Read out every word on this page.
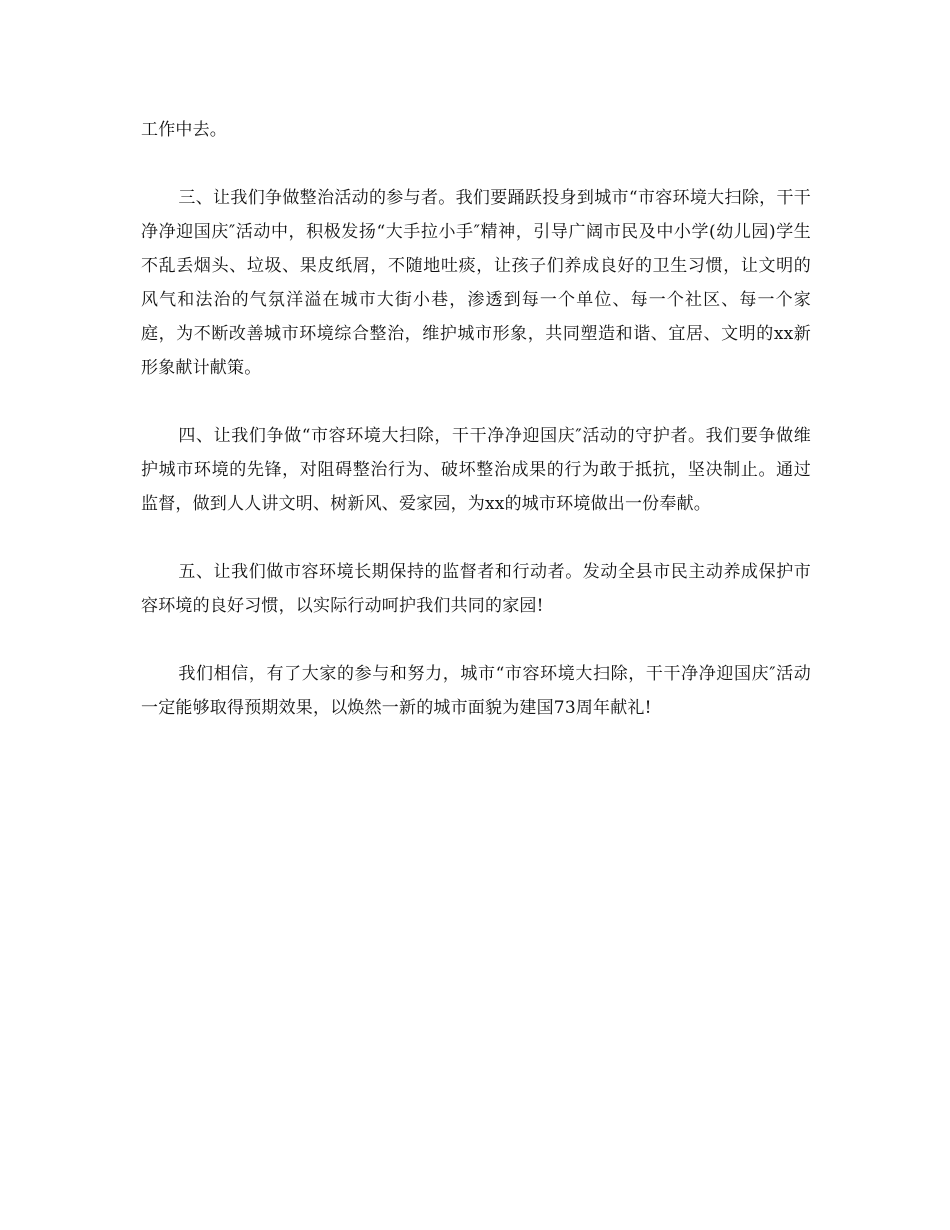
工作中去。

三、让我们争做整治活动的参与者。我们要踊跃投身到城市“市容环境大扫除，干干净净迎国庆″活动中，积极发扬“大手拉小手″精神，引导广阔市民及中小学(幼儿园)学生不乱丢烟头、垃圾、果皮纸屑，不随地吐痰，让孩子们养成良好的卫生习惯，让文明的风气和法治的气氛洋溢在城市大街小巷，渗透到每一个单位、每一个社区、每一个家庭，为不断改善城市环境综合整治，维护城市形象，共同塑造和谐、宜居、文明的xx新形象献计献策。

四、让我们争做“市容环境大扫除，干干净净迎国庆″活动的守护者。我们要争做维护城市环境的先锋，对阻碍整治行为、破坏整治成果的行为敢于抵抗，坚决制止。通过监督，做到人人讲文明、树新风、爱家园，为xx的城市环境做出一份奉献。

五、让我们做市容环境长期保持的监督者和行动者。发动全县市民主动养成保护市容环境的良好习惯，以实际行动呵护我们共同的家园!

我们相信，有了大家的参与和努力，城市“市容环境大扫除，干干净净迎国庆″活动一定能够取得预期效果，以焕然一新的城市面貌为建国73周年献礼!
